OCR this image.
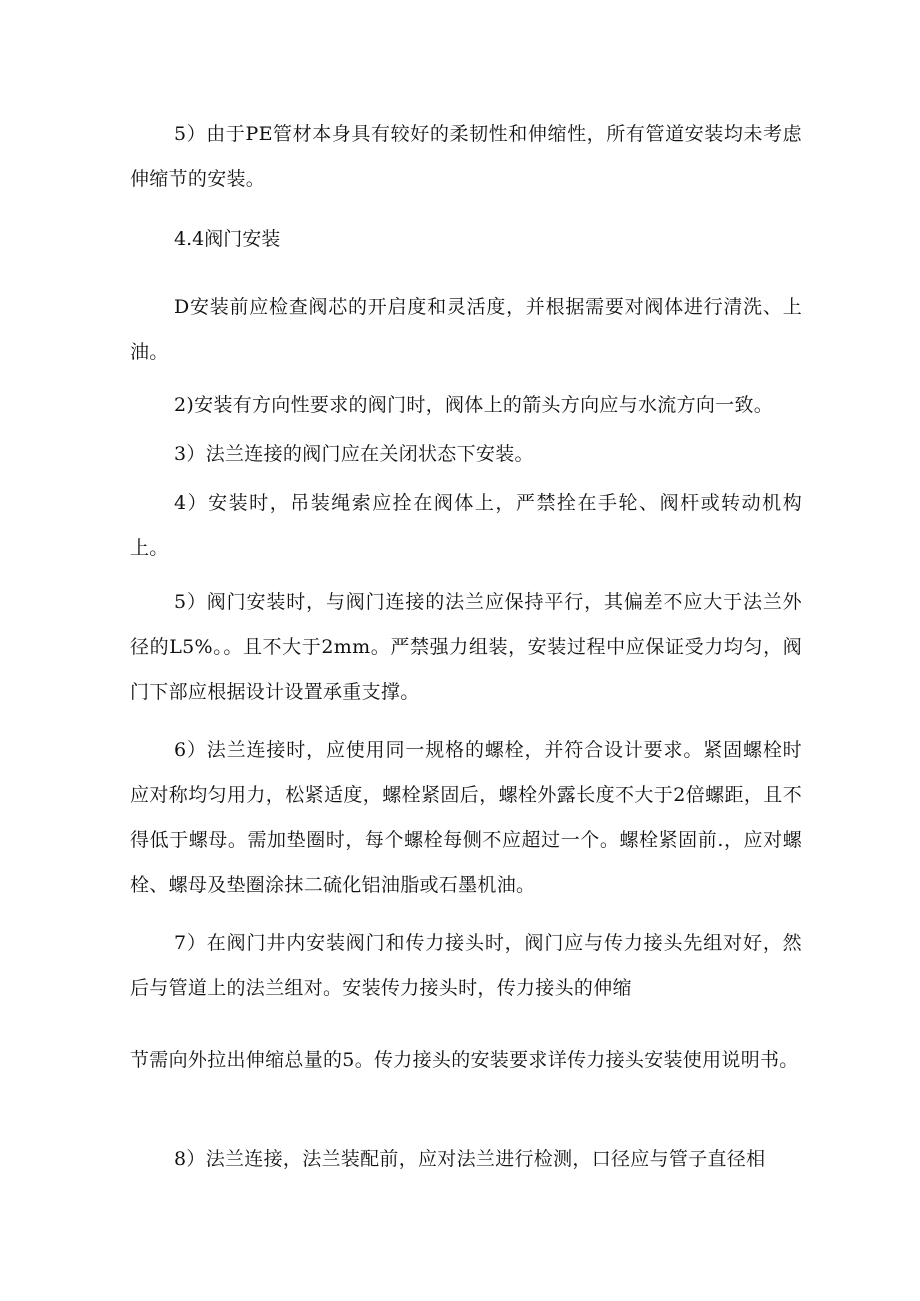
5）由于PE管材本身具有较好的柔韧性和伸缩性，所有管道安装均未考虑伸缩节的安装。

4.4阀门安装

D安装前应检查阀芯的开启度和灵活度，并根据需要对阀体进行清洗、上油。

2)安装有方向性要求的阀门时，阀体上的箭头方向应与水流方向一致。

3）法兰连接的阀门应在关闭状态下安装。

4）安装时，吊装绳索应拴在阀体上，严禁拴在手轮、阀杆或转动机构上。

5）阀门安装时，与阀门连接的法兰应保持平行，其偏差不应大于法兰外径的L5%。。且不大于2mm。严禁强力组装，安装过程中应保证受力均匀，阀门下部应根据设计设置承重支撑。

6）法兰连接时，应使用同一规格的螺栓，并符合设计要求。紧固螺栓时应对称均匀用力，松紧适度，螺栓紧固后，螺栓外露长度不大于2倍螺距，且不得低于螺母。需加垫圈时，每个螺栓每侧不应超过一个。螺栓紧固前.，应对螺栓、螺母及垫圈涂抹二硫化铝油脂或石墨机油。

7）在阀门井内安装阀门和传力接头时，阀门应与传力接头先组对好，然后与管道上的法兰组对。安装传力接头时，传力接头的伸缩

节需向外拉出伸缩总量的5。传力接头的安装要求详传力接头安装使用说明书。

8）法兰连接，法兰装配前，应对法兰进行检测，口径应与管子直径相
